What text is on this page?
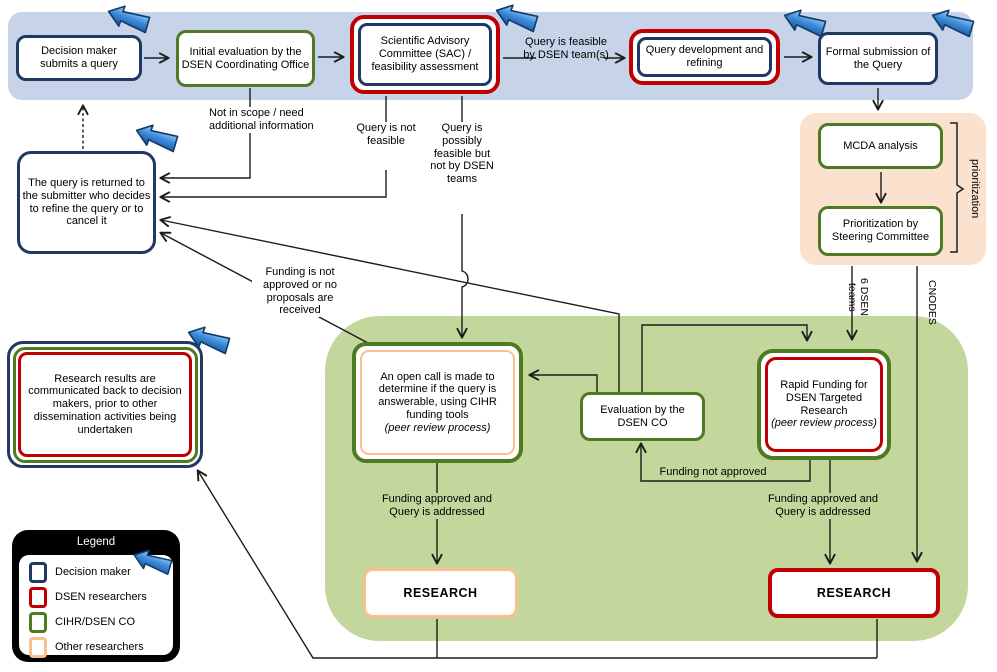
Decision maker submits a query
Initial evaluation by the DSEN Coordinating Office
Scientific Advisory Committee (SAC) / feasibility assessment
Query is feasible by DSEN team(s)	Query development and refining
Formal submission of the Query
MCDA analysis
Prioritization by Steering Committee
prioritization
The query is returned to the submitter who decides to refine the query or to cancel it
Not in scope / need additional information	Query is not feasible
Query is possibly feasible but not by DSEN teams
Funding is not approved or no proposals are received
An open call is made to determine if the query is answerable, using CIHR funding tools
(peer review process)
Evaluation by the DSEN CO
Rapid Funding for DSEN Targeted Research
(peer review process)
Funding not approved
Funding approved and Query is addressed
Funding approved and Query is addressed
6 DSEN teams	CNODES
RESEARCH	RESEARCH
Research results are communicated back to decision makers, prior to other dissemination activities being undertaken
Legend
Decision maker
DSEN researchers
CIHR/DSEN CO
Other researchers
